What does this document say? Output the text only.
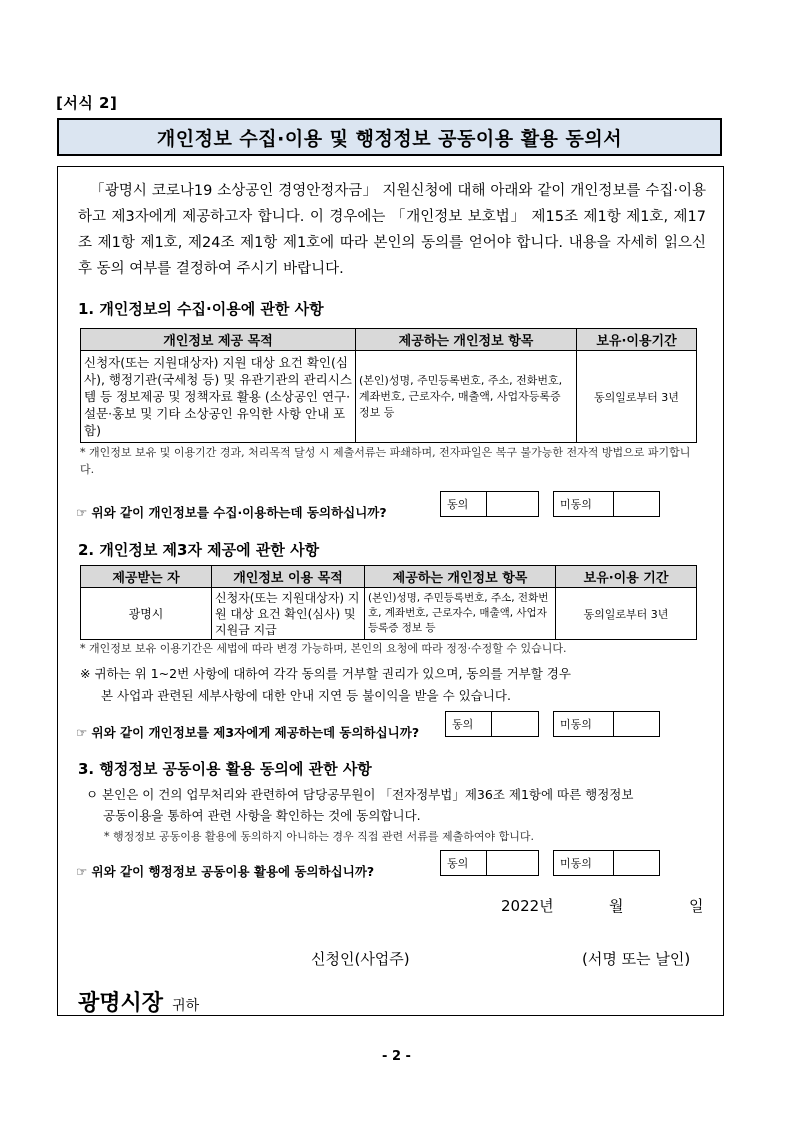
[서식 2]
개인정보 수집·이용 및 행정정보 공동이용 활용 동의서
「광명시 코로나19 소상공인 경영안정자금」 지원신청에 대해 아래와 같이 개인정보를 수집·이용하고 제3자에게 제공하고자 합니다. 이 경우에는 「개인정보 보호법」 제15조 제1항 제1호, 제17조 제1항 제1호, 제24조 제1항 제1호에 따라 본인의 동의를 얻어야 합니다. 내용을 자세히 읽으신 후 동의 여부를 결정하여 주시기 바랍니다.
1. 개인정보의 수집·이용에 관한 사항
개인정보 제공 목적	제공하는 개인정보 항목	보유·이용기간
신청자(또는 지원대상자) 지원 대상 요건 확인(심사), 행정기관(국세청 등) 및 유관기관의 관리시스템 등 정보제공 및 정책자료 활용 (소상공인 연구·설문·홍보 및 기타 소상공인 유익한 사항 안내 포함)	(본인)성명, 주민등록번호, 주소, 전화번호, 계좌번호, 근로자수, 매출액, 사업자등록증 정보 등	동의일로부터 3년
* 개인정보 보유 및 이용기간 경과, 처리목적 달성 시 제출서류는 파쇄하며, 전자파일은 복구 불가능한 전자적 방법으로 파기합니다.
☞ 위와 같이 개인정보를 수집·이용하는데 동의하십니까?
동의	미동의
2. 개인정보 제3자 제공에 관한 사항
제공받는 자	개인정보 이용 목적	제공하는 개인정보 항목	보유·이용 기간
광명시	신청자(또는 지원대상자) 지원 대상 요건 확인(심사) 및 지원금 지급	(본인)성명, 주민등록번호, 주소, 전화번호, 계좌번호, 근로자수, 매출액, 사업자등록증 정보 등	동의일로부터 3년
* 개인정보 보유 이용기간은 세법에 따라 변경 가능하며, 본인의 요청에 따라 정정·수정할 수 있습니다.
※ 귀하는 위 1~2번 사항에 대하여 각각 동의를 거부할 권리가 있으며, 동의를 거부할 경우
본 사업과 관련된 세부사항에 대한 안내 지연 등 불이익을 받을 수 있습니다.
☞ 위와 같이 개인정보를 제3자에게 제공하는데 동의하십니까?
동의	미동의
3. 행정정보 공동이용 활용 동의에 관한 사항
ㅇ 본인은 이 건의 업무처리와 관련하여 담당공무원이 「전자정부법」제36조 제1항에 따른 행정정보
공동이용을 통하여 관련 사항을 확인하는 것에 동의합니다.
* 행정정보 공동이용 활용에 동의하지 아니하는 경우 직접 관련 서류를 제출하여야 합니다.
☞ 위와 같이 행정정보 공동이용 활용에 동의하십니까?
동의	미동의
2022년	월	일
신청인(사업주)	(서명 또는 날인)
광명시장 귀하
- 2 -
